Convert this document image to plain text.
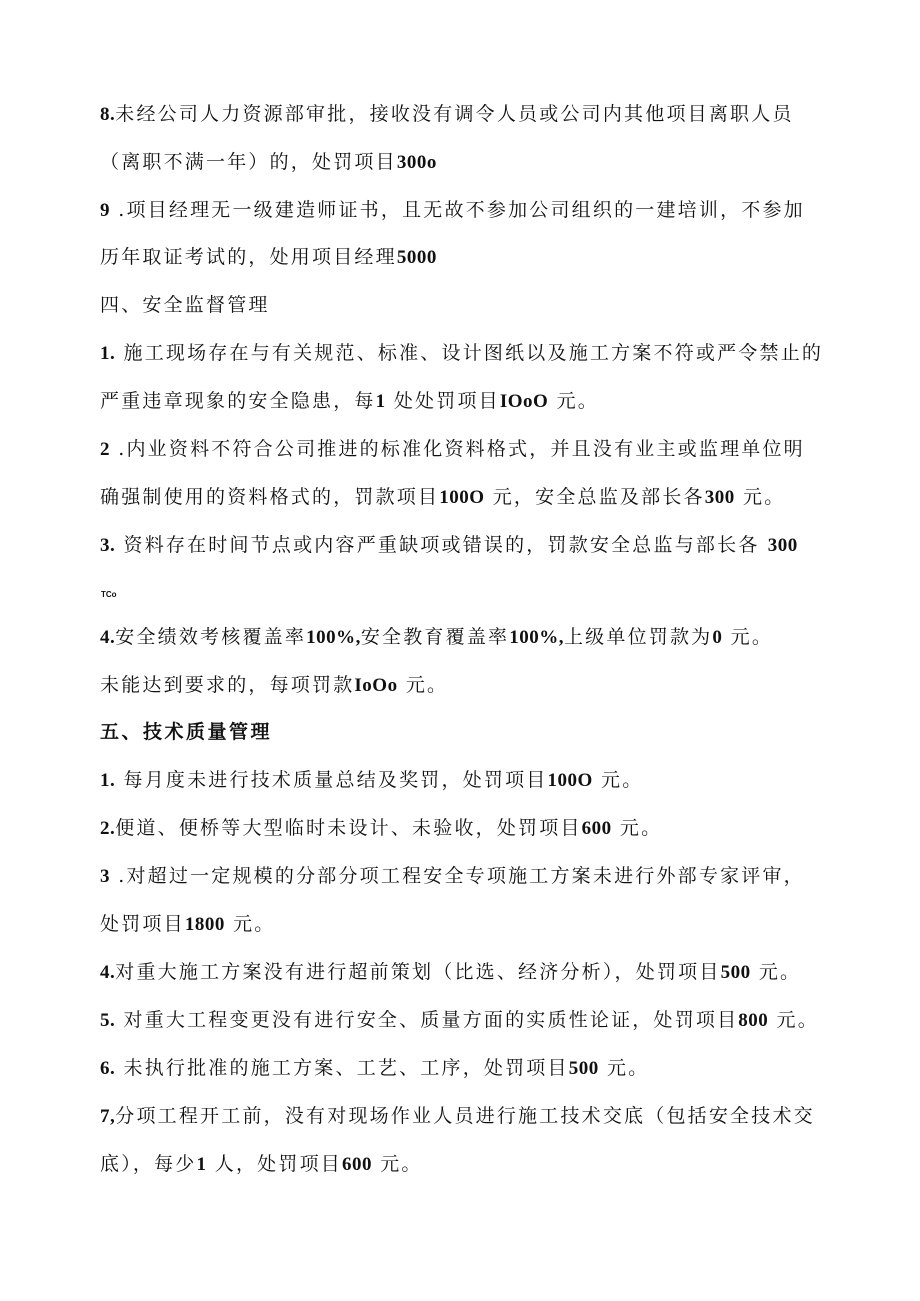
8.未经公司人力资源部审批，接收没有调令人员或公司内其他项目离职人员
（离职不满一年）的，处罚项目300o
9 .项目经理无一级建造师证书，且无故不参加公司组织的一建培训，不参加
历年取证考试的，处用项目经理5000
四、安全监督管理
1. 施工现场存在与有关规范、标准、设计图纸以及施工方案不符或严令禁止的
严重违章现象的安全隐患，每1 处处罚项目IOoO 元。
2 .内业资料不符合公司推进的标准化资料格式，并且没有业主或监理单位明
确强制使用的资料格式的，罚款项目100O 元，安全总监及部长各300 元。
3. 资料存在时间节点或内容严重缺项或错误的，罚款安全总监与部长各 300
TCo
4.安全绩效考核覆盖率100%,安全教育覆盖率100%,上级单位罚款为0 元。
未能达到要求的，每项罚款IoOo 元。
五、技术质量管理
1. 每月度未进行技术质量总结及奖罚，处罚项目100O 元。
2.便道、便桥等大型临时未设计、未验收，处罚项目600 元。
3 .对超过一定规模的分部分项工程安全专项施工方案未进行外部专家评审，
处罚项目1800 元。
4.对重大施工方案没有进行超前策划（比选、经济分析），处罚项目500 元。
5. 对重大工程变更没有进行安全、质量方面的实质性论证，处罚项目800 元。
6. 未执行批准的施工方案、工艺、工序，处罚项目500 元。
7,分项工程开工前，没有对现场作业人员进行施工技术交底（包括安全技术交
底），每少1 人，处罚项目600 元。
